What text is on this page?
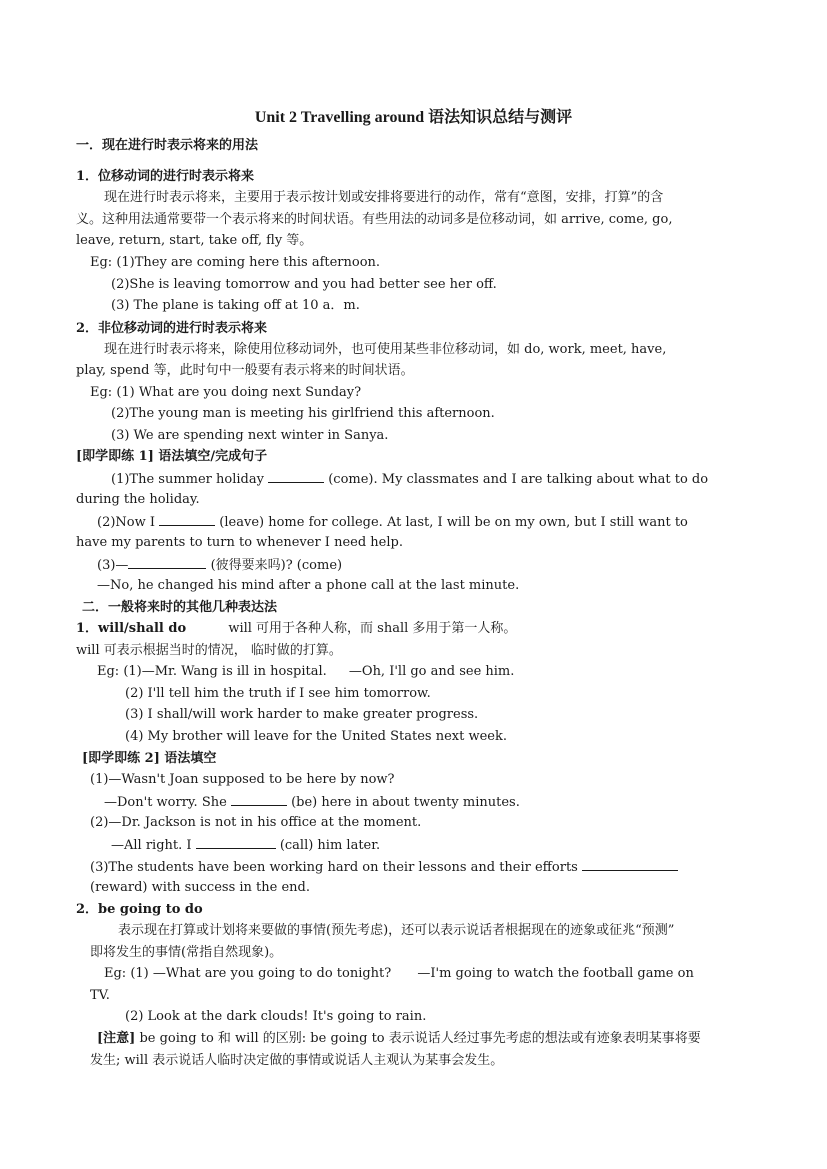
Unit 2 Travelling around 语法知识总结与测评
一．现在进行时表示将来的用法
1．位移动词的进行时表示将来
现在进行时表示将来，主要用于表示按计划或安排将要进行的动作，常有“意图，安排，打算”的含
义。这种用法通常要带一个表示将来的时间状语。有些用法的动词多是位移动词，如 arrive, come, go,
leave, return, start, take off, fly 等。
Eg: (1)They are coming here this afternoon.
(2)She is leaving tomorrow and you had better see her off.
(3) The plane is taking off at 10 a．m.
2．非位移动词的进行时表示将来
现在进行时表示将来，除使用位移动词外，也可使用某些非位移动词，如 do, work, meet, have,
play, spend 等，此时句中一般要有表示将来的时间状语。
Eg: (1) What are you doing next Sunday?
(2)The young man is meeting his girlfriend this afternoon.
(3) We are spending next winter in Sanya.
[即学即练 1] 语法填空/完成句子
(1)The summer holiday	(come). My classmates and I are talking about what to do
during the holiday.
(2)Now I	(leave) home for college. At last, I will be on my own, but I still want to
have my parents to turn to whenever I need help.
(3)—	(彼得要来吗)? (come)
—No, he changed his mind after a phone call at the last minute.
二．一般将来时的其他几种表达法
1．will/shall do	will 可用于各种人称，而 shall 多用于第一人称。
will 可表示根据当时的情况， 临时做的打算。
Eg: (1)—Mr. Wang is ill in hospital. —Oh, I'll go and see him.
(2) I'll tell him the truth if I see him tomorrow.
(3) I shall/will work harder to make greater progress.
(4) My brother will leave for the United States next week.
[即学即练 2] 语法填空
(1)—Wasn't Joan supposed to be here by now?
—Don't worry. She	(be) here in about twenty minutes.
(2)—Dr. Jackson is not in his office at the moment.
—All right. I	(call) him later.
(3)The students have been working hard on their lessons and their efforts
(reward) with success in the end.
2．be going to do
表示现在打算或计划将来要做的事情(预先考虑)，还可以表示说话者根据现在的迹象或征兆“预测”
即将发生的事情(常指自然现象)。
Eg: (1) —What are you going to do tonight? —I'm going to watch the football game on
TV.
(2) Look at the dark clouds! It's going to rain.
[注意] be going to 和 will 的区别: be going to 表示说话人经过事先考虑的想法或有迹象表明某事将要
发生; will 表示说话人临时决定做的事情或说话人主观认为某事会发生。
